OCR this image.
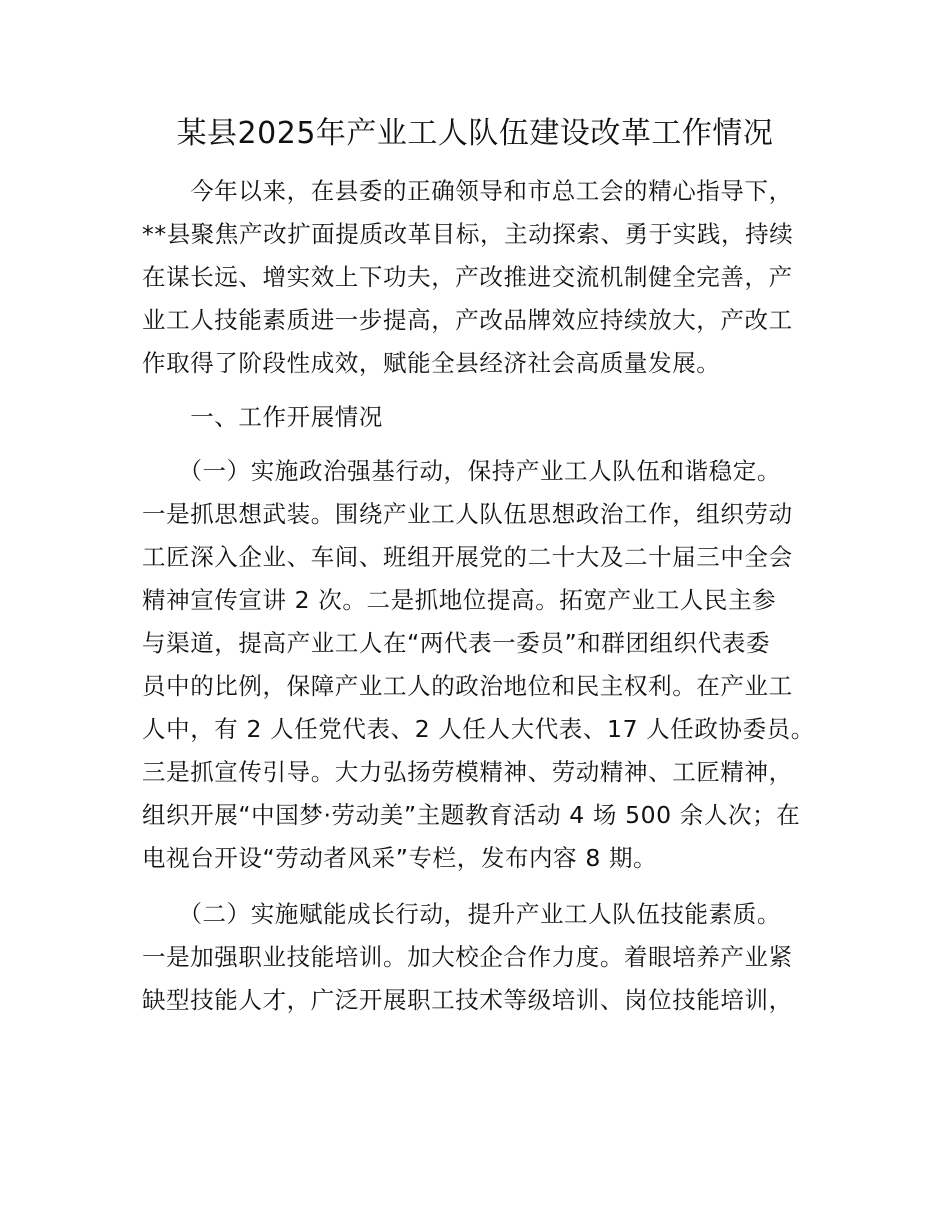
某县2025年产业工人队伍建设改革工作情况
　　今年以来，在县委的正确领导和市总工会的精心指导下，
**县聚焦产改扩面提质改革目标，主动探索、勇于实践，持续
在谋长远、增实效上下功夫，产改推进交流机制健全完善，产
业工人技能素质进一步提高，产改品牌效应持续放大，产改工
作取得了阶段性成效，赋能全县经济社会高质量发展。
　　一、工作开展情况
　　（一）实施政治强基行动，保持产业工人队伍和谐稳定。
一是抓思想武装。围绕产业工人队伍思想政治工作，组织劳动
工匠深入企业、车间、班组开展党的二十大及二十届三中全会
精神宣传宣讲 2 次。二是抓地位提高。拓宽产业工人民主参
与渠道，提高产业工人在“两代表一委员”和群团组织代表委
员中的比例，保障产业工人的政治地位和民主权利。在产业工
人中，有 2 人任党代表、2 人任人大代表、17 人任政协委员。
三是抓宣传引导。大力弘扬劳模精神、劳动精神、工匠精神，
组织开展“中国梦·劳动美”主题教育活动 4 场 500 余人次；在
电视台开设“劳动者风采”专栏，发布内容 8 期。
　　（二）实施赋能成长行动，提升产业工人队伍技能素质。
一是加强职业技能培训。加大校企合作力度。着眼培养产业紧
缺型技能人才，广泛开展职工技术等级培训、岗位技能培训，
